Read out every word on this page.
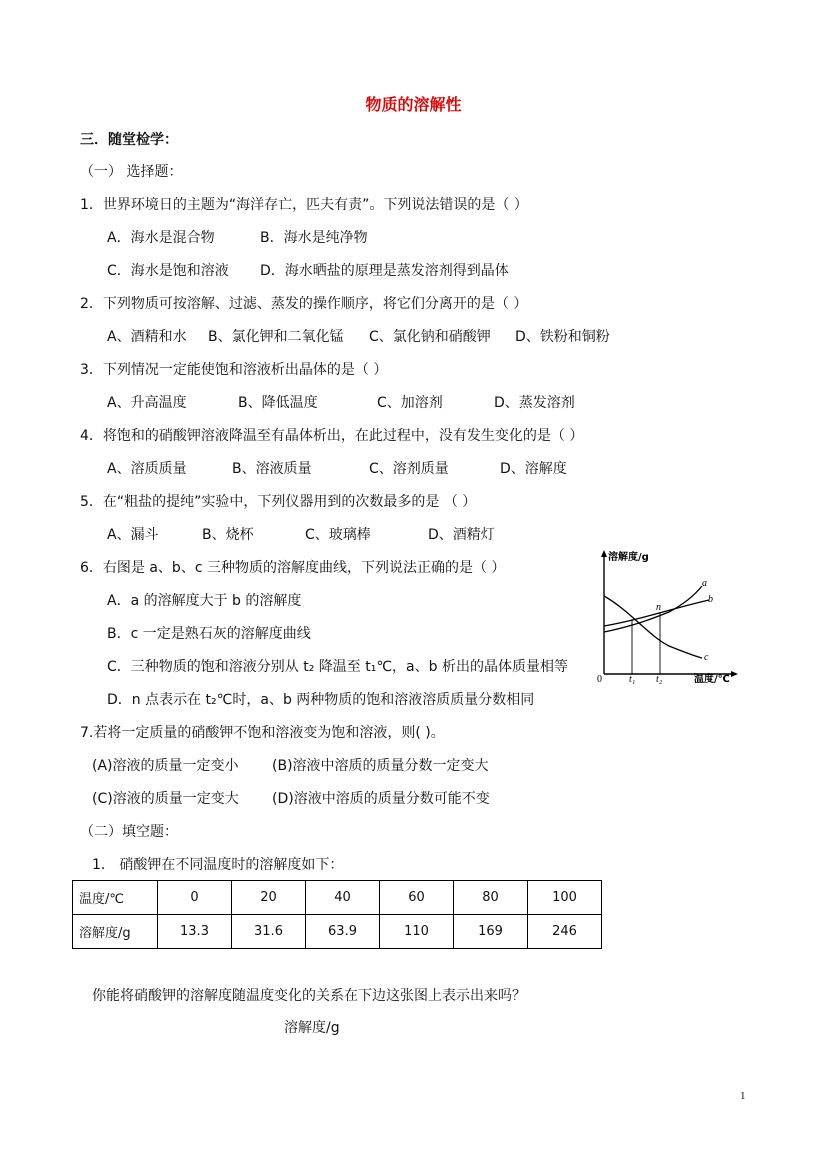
物质的溶解性
三．随堂检学：
（一） 选择题：
1．世界环境日的主题为“海洋存亡，匹夫有责”。下列说法错误的是（ ）
A．海水是混合物	B．海水是纯净物
C．海水是饱和溶液 D．海水晒盐的原理是蒸发溶剂得到晶体
2．下列物质可按溶解、过滤、蒸发的操作顺序，将它们分离开的是（ ）
A、酒精和水 B、氯化钾和二氧化锰 C、氯化钠和硝酸钾 D、铁粉和铜粉
3．下列情况一定能使饱和溶液析出晶体的是（ ）
A、升高温度	B、降低温度	C、加溶剂	D、蒸发溶剂
4．将饱和的硝酸钾溶液降温至有晶体析出，在此过程中，没有发生变化的是（ ）
A、溶质质量	B、溶液质量	C、溶剂质量	D、溶解度
5．在“粗盐的提纯”实验中，下列仪器用到的次数最多的是 （ ）
A、漏斗	B、烧杯	C、玻璃棒	D、酒精灯
6．右图是 a、b、c 三种物质的溶解度曲线，下列说法正确的是（ ）
A．a 的溶解度大于 b 的溶解度
B．c 一定是熟石灰的溶解度曲线
C．三种物质的饱和溶液分别从 t₂ 降温至 t₁℃，a、b 析出的晶体质量相等
D．n 点表示在 t₂℃时，a、b 两种物质的饱和溶液溶质质量分数相同
溶解度/g
温度/℃
0	t₁ t₂
a
b
c
n
7.若将一定质量的硝酸钾不饱和溶液变为饱和溶液，则( )。
(A)溶液的质量一定变小 (B)溶液中溶质的质量分数一定变大
(C)溶液的质量一定变大 (D)溶液中溶质的质量分数可能不变
（二）填空题：
1． 硝酸钾在不同温度时的溶解度如下：
温度/℃	0	20	40	60	80	100
溶解度/g	13.3	31.6	63.9	110	169	246
你能将硝酸钾的溶解度随温度变化的关系在下边这张图上表示出来吗？
溶解度/g
1
